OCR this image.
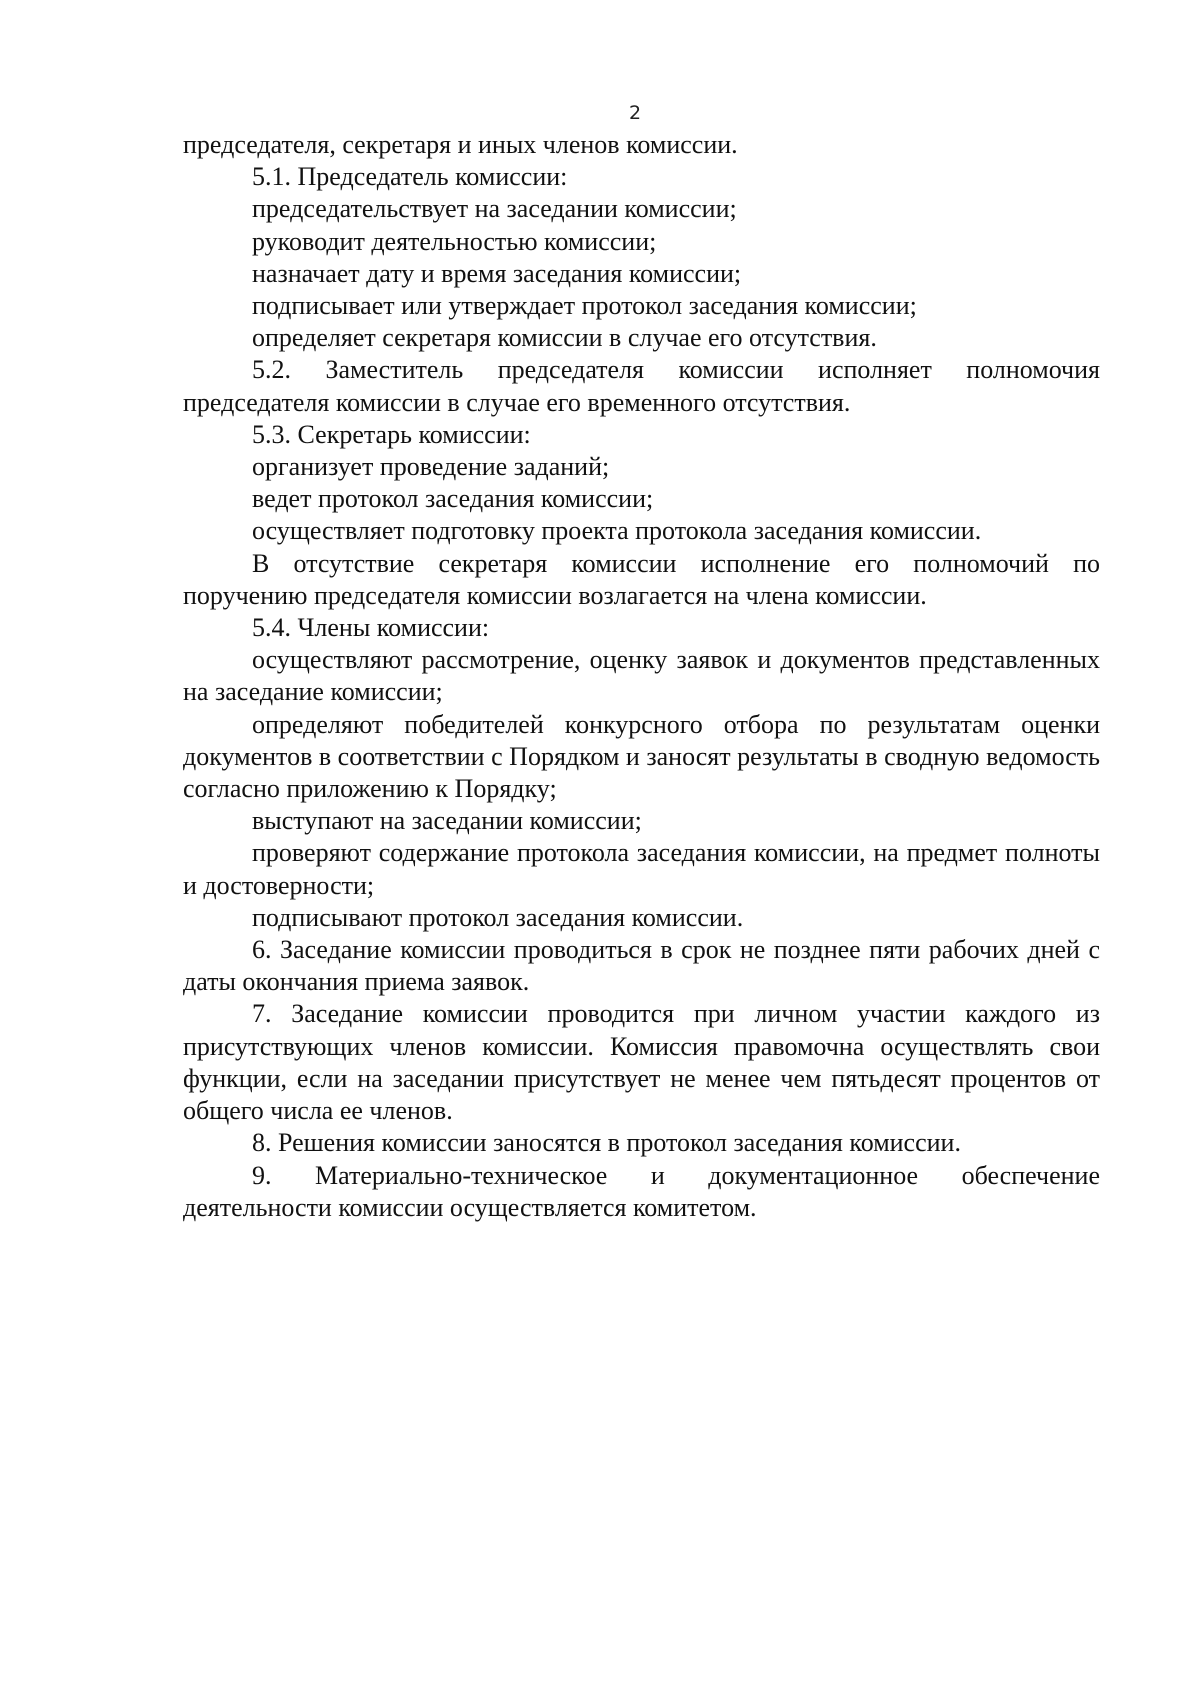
2

председателя, секретаря и иных членов комиссии.

5.1. Председатель комиссии:

председательствует на заседании комиссии;

руководит деятельностью комиссии;

назначает дату и время заседания комиссии;

подписывает или утверждает протокол заседания комиссии;

определяет секретаря комиссии в случае его отсутствия.

5.2. Заместитель председателя комиссии исполняет полномочия председателя комиссии в случае его временного отсутствия.

5.3. Секретарь комиссии:

организует проведение заданий;

ведет протокол заседания комиссии;

осуществляет подготовку проекта протокола заседания комиссии.

В отсутствие секретаря комиссии исполнение его полномочий по поручению председателя комиссии возлагается на члена комиссии.

5.4. Члены комиссии:

осуществляют рассмотрение, оценку заявок и документов представленных на заседание комиссии;

определяют победителей конкурсного отбора по результатам оценки документов в соответствии с Порядком и заносят результаты в сводную ведомость согласно приложению к Порядку;

выступают на заседании комиссии;

проверяют содержание протокола заседания комиссии, на предмет полноты и достоверности;

подписывают протокол заседания комиссии.

6. Заседание комиссии проводиться в срок не позднее пяти рабочих дней с даты окончания приема заявок.

7. Заседание комиссии проводится при личном участии каждого из присутствующих членов комиссии. Комиссия правомочна осуществлять свои функции, если на заседании присутствует не менее чем пятьдесят процентов от общего числа ее членов.

8. Решения комиссии заносятся в протокол заседания комиссии.

9. Материально-техническое и документационное обеспечение деятельности комиссии осуществляется комитетом.
